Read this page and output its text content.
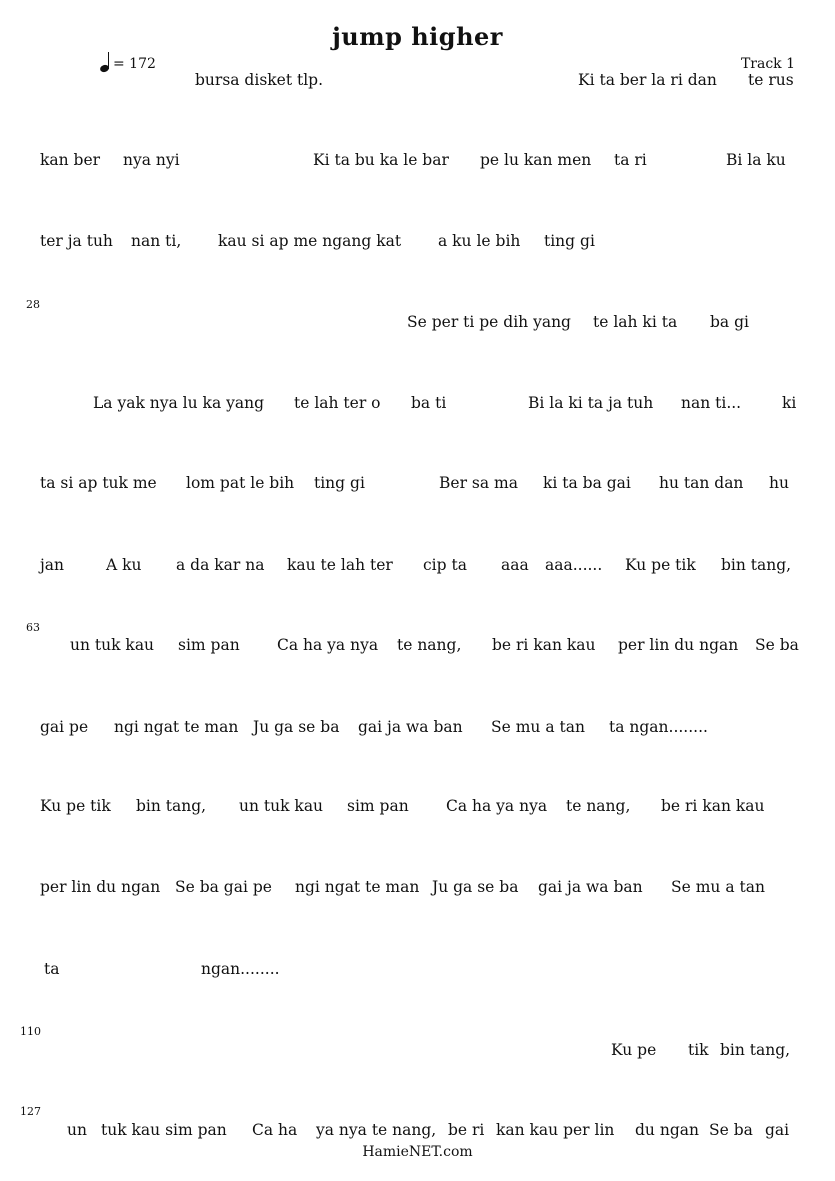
jump higher
Track 1
= 172
28
63
110
127
bursa disket tlp.	Ki ta ber la ri dan te rus
kan ber nya nyi	Ki ta bu ka le bar pe lu kan men ta ri	Bi la ku
ter ja tuh nan ti, kau si ap me ngang kat a ku le bih ting gi
Se per ti pe dih yang te lah ki ta ba gi
La yak nya lu ka yang te lah ter o ba ti	Bi la ki ta ja tuh nan ti...	ki
ta si ap tuk me lom pat le bih ting gi	Ber sa ma ki ta ba gai hu tan dan hu
jan	A ku a da kar na kau te lah ter cip ta aaa aaa...... Ku pe tik bin tang,
un tuk kau sim pan Ca ha ya nya te nang, be ri kan kau per lin du ngan Se ba
gai pe ngi ngat te man Ju ga se ba gai ja wa ban Se mu a tan ta ngan........
Ku pe tik bin tang, un tuk kau sim pan Ca ha ya nya te nang, be ri kan kau
per lin du ngan Se ba gai pe ngi ngat te man Ju ga se ba gai ja wa ban Se mu a tan
ta	ngan........
Ku pe tik bin tang,
un tuk kau sim pan Ca ha ya nya te nang, be ri kan kau per lin du ngan Se ba gai
HamieNET.com
